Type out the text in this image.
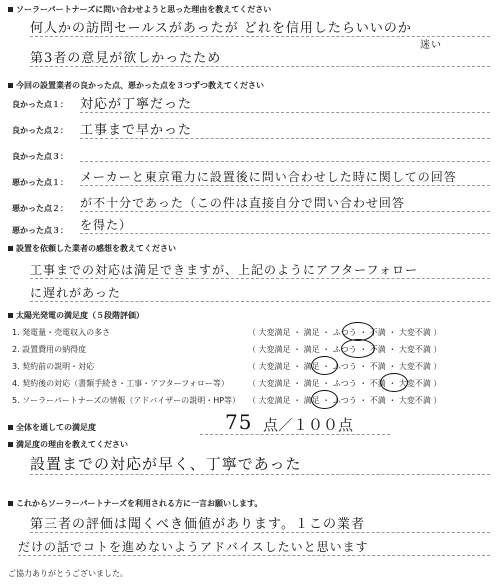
ソーラーパートナーズに問い合わせようと思った理由を教えてください
何人かの訪問セールスがあったが どれを信用したらいいのか
迷い
第3者の意見が欲しかったため
今回の設置業者の良かった点、悪かった点を３つずつ教えてください
良かった点１： 対応が丁寧だった
良かった点２： 工事まで早かった
良かった点３：
悪かった点１： メーカーと東京電力に設置後に問い合わせした時に関しての回答
悪かった点２： が不十分であった（この件は直接自分で問い合わせ回答
悪かった点３： を得た）
設置を依頼した業者の感想を教えてください
工事までの対応は満足できますが、上記のようにアフターフォロー
に遅れがあった
太陽光発電の満足度（５段階評価）
1. 発電量・売電収入の多さ	（ 大変満足 ・ 満足 ・ ふつう ・ 不満 ・ 大変不満 ）
2. 設置費用の納得度	（ 大変満足 ・ 満足 ・ ふつう ・ 不満 ・ 大変不満 ）
3. 契約前の説明・対応	（ 大変満足 ・ 満足 ・ ふつう ・ 不満 ・ 大変不満 ）
4. 契約後の対応（書類手続き・工事・アフターフォロー等） （ 大変満足 ・ 満足 ・ ふつう ・ 不満 ・ 大変不満 ）
5. ソーラーパートナーズの情報（アドバイザーの説明・HP等） （ 大変満足 ・ 満足 ・ ふつう ・ 不満 ・ 大変不満 ）
全体を通しての満足度	75 点／１００点
満足度の理由を教えてください
設置までの対応が早く、丁寧であった
これからソーラーパートナーズを利用される方に一言お願いします。
第三者の評価は聞くべき価値があります。１この業者
だけの話でコトを進めないようアドバイスしたいと思います
ご協力ありがとうございました。
